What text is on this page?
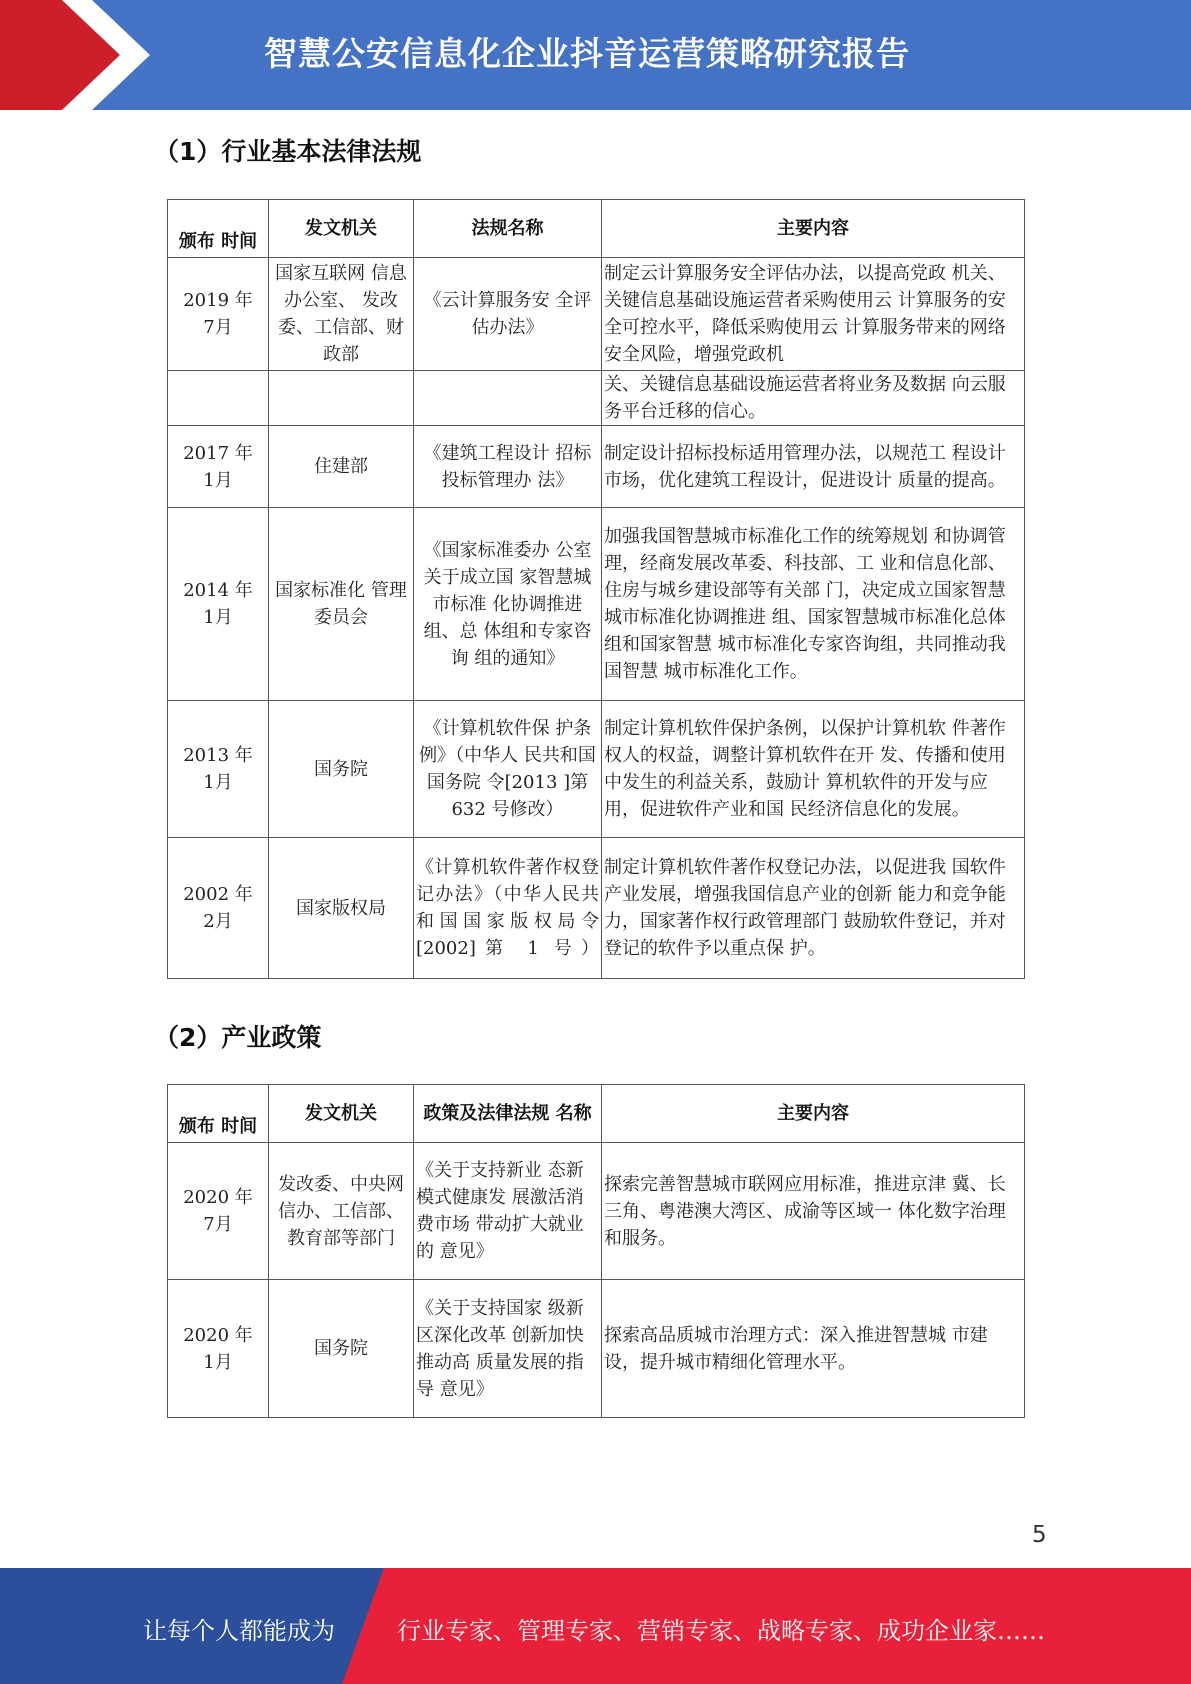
智慧公安信息化企业抖音运营策略研究报告
（1）行业基本法律法规
颁布 时间	发文机关	法规名称	主要内容

2019 年
7月	国家互联网 信息办公室、 发改委、工信部、财政部	《云计算服务安 全评估办法》	制定云计算服务安全评估办法，以提高党政 机关、关键信息基础设施运营者采购使用云 计算服务的安全可控水平，降低采购使用云 计算服务带来的网络安全风险，增强党政机
			关、关键信息基础设施运营者将业务及数据 向云服务平台迁移的信心。

2017 年
1月	住建部	《建筑工程设计 招标投标管理办 法》	制定设计招标投标适用管理办法，以规范工 程设计市场，优化建筑工程设计，促进设计 质量的提高。

2014 年
1月	国家标准化 管理委员会	《国家标准委办 公室关于成立国 家智慧城市标准 化协调推进组、总 体组和专家咨询 组的通知》	加强我国智慧城市标准化工作的统筹规划 和协调管理，经商发展改革委、科技部、工 业和信息化部、住房与城乡建设部等有关部 门，决定成立国家智慧城市标准化协调推进 组、国家智慧城市标准化总体组和国家智慧 城市标准化专家咨询组，共同推动我国智慧 城市标准化工作。

2013 年
1月	国务院	《计算机软件保 护条例》（中华人 民共和国国务院 令[2013 ]第 632 号修改）	制定计算机软件保护条例，以保护计算机软 件著作权人的权益，调整计算机软件在开 发、传播和使用中发生的利益关系，鼓励计 算机软件的开发与应用，促进软件产业和国 民经济信息化的发展。

2002 年
2月	国家版权局	《计算机软件著作权登记办法》（中华人民共和国国家版权局令[2002]第 1 号）	制定计算机软件著作权登记办法，以促进我 国软件产业发展，增强我国信息产业的创新 能力和竞争能力，国家著作权行政管理部门 鼓励软件登记，并对登记的软件予以重点保 护。
（2）产业政策
颁布 时间	发文机关	政策及法律法规 名称	主要内容

2020 年
7月	发改委、中央网信办、工信部、教育部等部门	《关于支持新业 态新模式健康发 展激活消费市场 带动扩大就业的 意见》	探索完善智慧城市联网应用标准，推进京津 冀、长三角、粤港澳大湾区、成渝等区域一 体化数字治理和服务。

2020 年
1月	国务院	《关于支持国家 级新区深化改革 创新加快推动高 质量发展的指导 意见》	探索高品质城市治理方式：深入推进智慧城 市建设，提升城市精细化管理水平。
5
让每个人都能成为	行业专家、管理专家、营销专家、战略专家、成功企业家……
